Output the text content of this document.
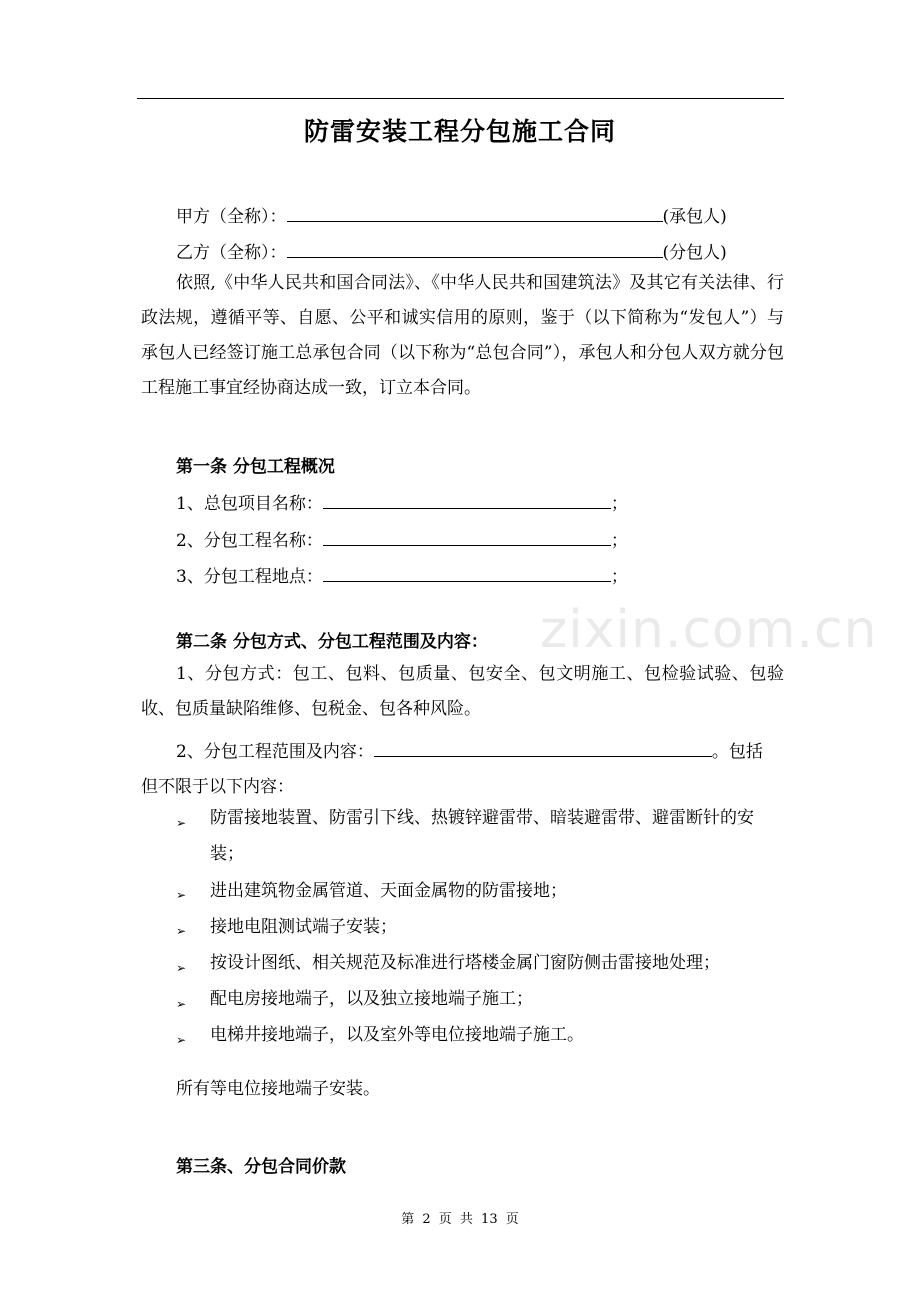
防雷安装工程分包施工合同
甲方（全称）：	(承包人)
乙方（全称）：	(分包人)
依照,《中华人民共和国合同法》、《中华人民共和国建筑法》及其它有关法律、行政法规，遵循平等、自愿、公平和诚实信用的原则，鉴于（以下简称为“发包人”）与承包人已经签订施工总承包合同（以下称为“总包合同”），承包人和分包人双方就分包工程施工事宜经协商达成一致，订立本合同。
第一条 分包工程概况
1、总包项目名称：	；
2、分包工程名称：	；
3、分包工程地点：	；
zixin.com.cn
第二条 分包方式、分包工程范围及内容：
1、分包方式：包工、包料、包质量、包安全、包文明施工、包检验试验、包验收、包质量缺陷维修、包税金、包各种风险。
2、分包工程范围及内容：	。包括
但不限于以下内容：
➢ 防雷接地装置、防雷引下线、热镀锌避雷带、暗装避雷带、避雷断针的安装；
➢ 进出建筑物金属管道、天面金属物的防雷接地；
➢ 接地电阻测试端子安装；
➢ 按设计图纸、相关规范及标准进行塔楼金属门窗防侧击雷接地处理；
➢ 配电房接地端子，以及独立接地端子施工；
➢ 电梯井接地端子，以及室外等电位接地端子施工。
所有等电位接地端子安装。
第三条、分包合同价款
第 2 页 共 13 页
